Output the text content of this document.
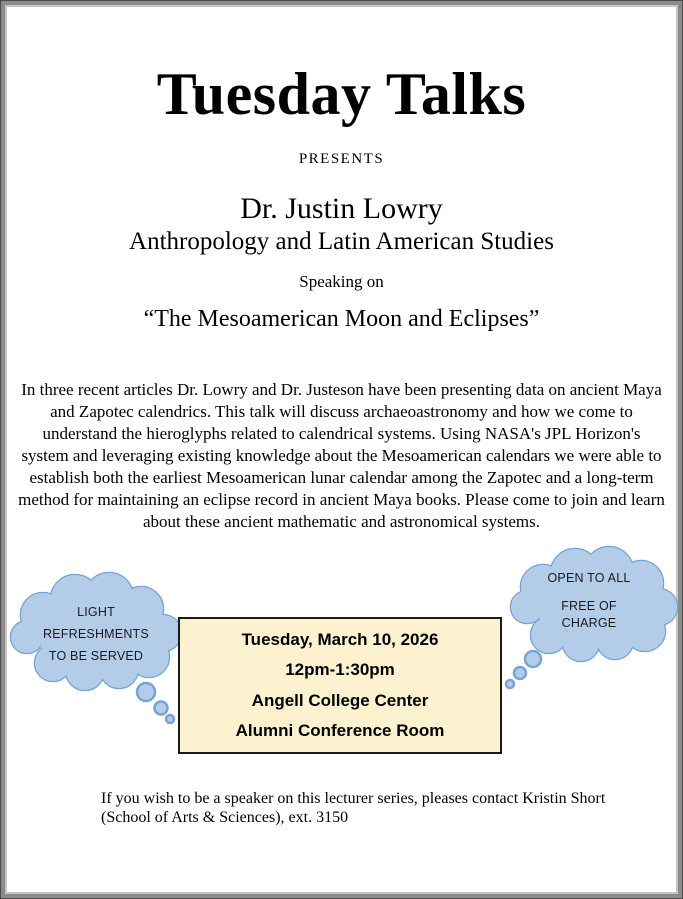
Tuesday Talks
PRESENTS
Dr. Justin Lowry
Anthropology and Latin American Studies
Speaking on
“The Mesoamerican Moon and Eclipses”

In three recent articles Dr. Lowry and Dr. Justeson have been presenting data on ancient Maya and Zapotec calendrics. This talk will discuss archaeoastronomy and how we come to understand the hieroglyphs related to calendrical systems. Using NASA's JPL Horizon's system and leveraging existing knowledge about the Mesoamerican calendars we were able to establish both the earliest Mesoamerican lunar calendar among the Zapotec and a long-term method for maintaining an eclipse record in ancient Maya books. Please come to join and learn about these ancient mathematic and astronomical systems.

LIGHT
REFRESHMENTS
TO BE SERVED
OPEN TO ALL
FREE OF
CHARGE
Tuesday, March 10, 2026
12pm-1:30pm
Angell College Center
Alumni Conference Room
If you wish to be a speaker on this lecturer series, pleases contact Kristin Short
(School of Arts & Sciences), ext. 3150
